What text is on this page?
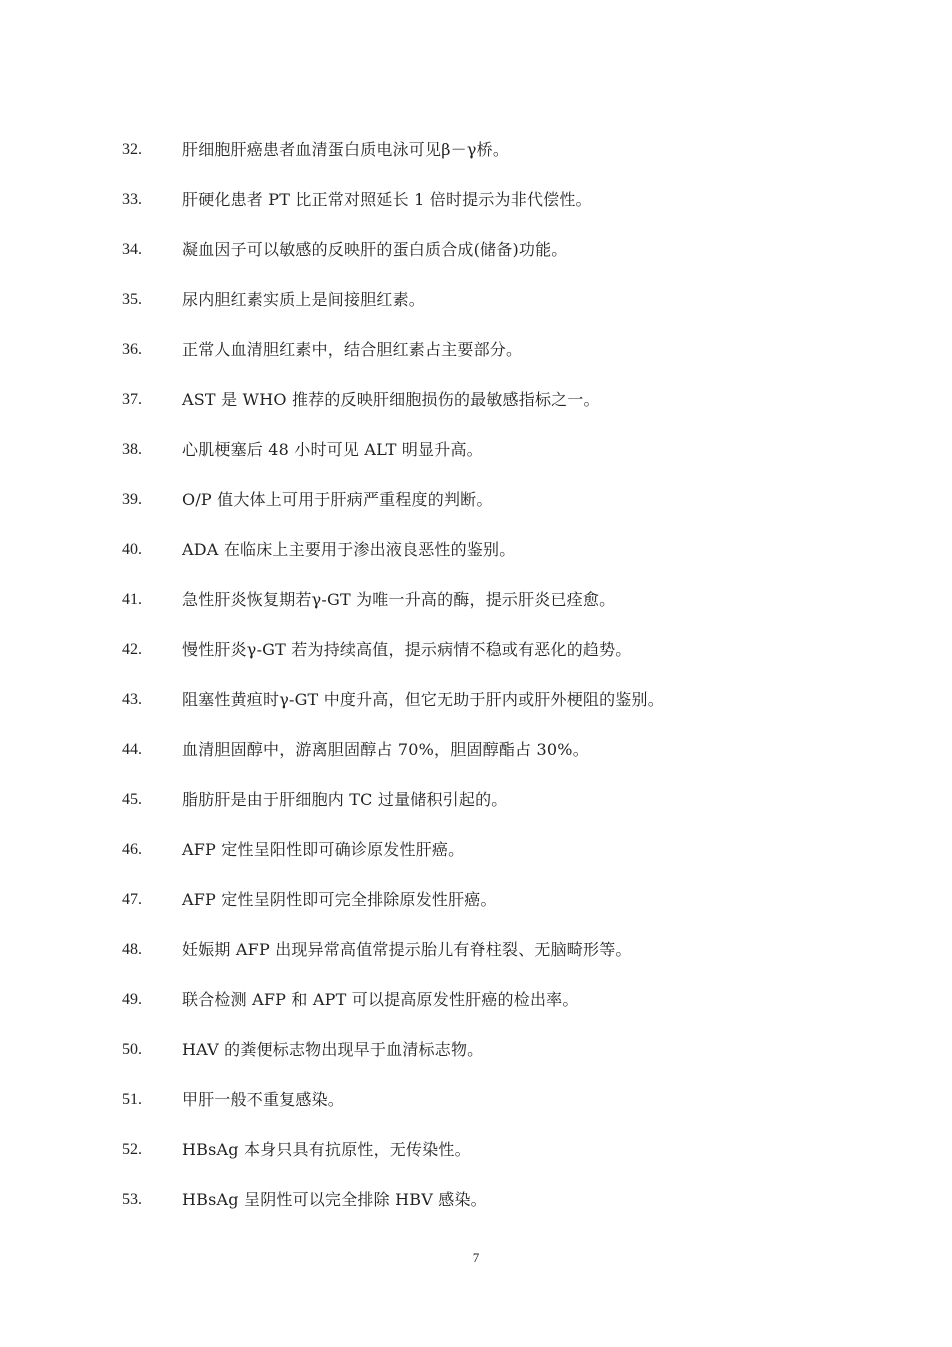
32.	肝细胞肝癌患者血清蛋白质电泳可见β－γ桥。
33.	肝硬化患者 PT 比正常对照延长 1 倍时提示为非代偿性。
34.	凝血因子可以敏感的反映肝的蛋白质合成(储备)功能。
35.	尿内胆红素实质上是间接胆红素。
36.	正常人血清胆红素中，结合胆红素占主要部分。
37.	AST 是 WHO 推荐的反映肝细胞损伤的最敏感指标之一。
38.	心肌梗塞后 48 小时可见 ALT 明显升高。
39.	O/P 值大体上可用于肝病严重程度的判断。
40.	ADA 在临床上主要用于渗出液良恶性的鉴别。
41.	急性肝炎恢复期若γ-GT 为唯一升高的酶，提示肝炎已痊愈。
42.	慢性肝炎γ-GT 若为持续高值，提示病情不稳或有恶化的趋势。
43.	阻塞性黄疸时γ-GT 中度升高，但它无助于肝内或肝外梗阻的鉴别。
44.	血清胆固醇中，游离胆固醇占 70%，胆固醇酯占 30%。
45.	脂肪肝是由于肝细胞内 TC 过量储积引起的。
46.	AFP 定性呈阳性即可确诊原发性肝癌。
47.	AFP 定性呈阴性即可完全排除原发性肝癌。
48.	妊娠期 AFP 出现异常高值常提示胎儿有脊柱裂、无脑畸形等。
49.	联合检测 AFP 和 APT 可以提高原发性肝癌的检出率。
50.	HAV 的粪便标志物出现早于血清标志物。
51.	甲肝一般不重复感染。
52.	HBsAg 本身只具有抗原性，无传染性。
53.	HBsAg 呈阴性可以完全排除 HBV 感染。
7
